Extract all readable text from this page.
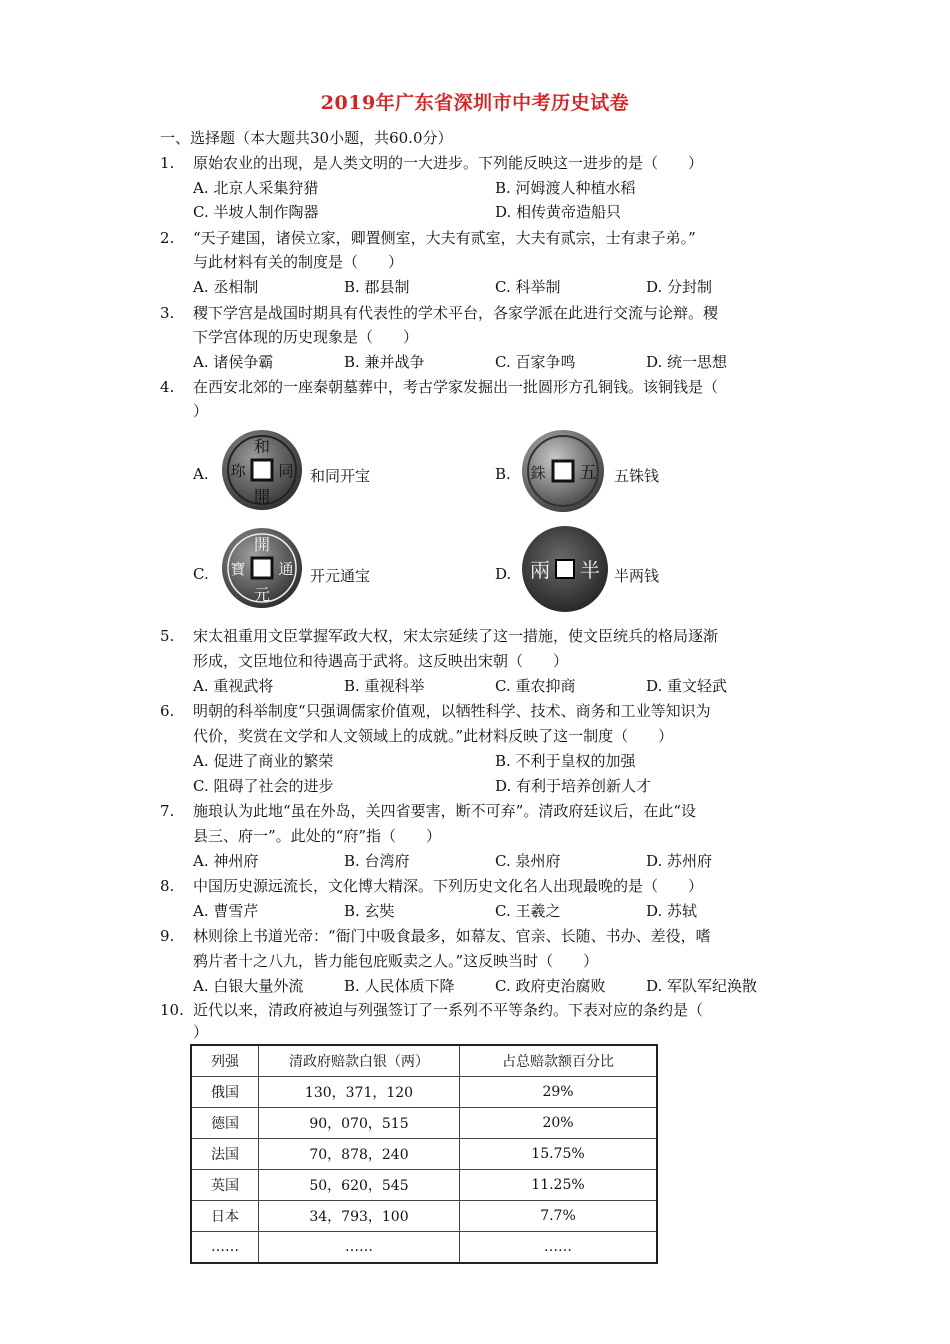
2019年广东省深圳市中考历史试卷
一、选择题（本大题共30小题，共60.0分）
1. 原始农业的出现，是人类文明的一大进步。下列能反映这一进步的是（　　）
A. 北京人采集狩猎	B. 河姆渡人种植水稻
C. 半坡人制作陶器	D. 相传黄帝造船只
2. “天子建国，诸侯立家，卿置侧室，大夫有贰室，大夫有贰宗，士有隶子弟。”
与此材料有关的制度是（　　）
A. 丞相制	B. 郡县制	C. 科举制	D. 分封制
3. 稷下学宫是战国时期具有代表性的学术平台，各家学派在此进行交流与论辩。稷
下学宫体现的历史现象是（　　）
A. 诸侯争霸	B. 兼并战争	C. 百家争鸣	D. 统一思想
4. 在西安北郊的一座秦朝墓葬中，考古学家发掘出一批圆形方孔铜钱。该铜钱是（
）
A.
和
開
同
珎	和同开宝	B.	五
銖	五铢钱
C.
開
元
通
寶	开元通宝	D. 兩 半 半两钱
5. 宋太祖重用文臣掌握军政大权，宋太宗延续了这一措施，使文臣统兵的格局逐渐
形成，文臣地位和待遇高于武将。这反映出宋朝（　　）
A. 重视武将	B. 重视科举	C. 重农抑商	D. 重文轻武
6. 明朝的科举制度“只强调儒家价值观，以牺牲科学、技术、商务和工业等知识为
代价，奖赏在文学和人文领域上的成就。”此材料反映了这一制度（　　）
A. 促进了商业的繁荣	B. 不利于皇权的加强
C. 阻碍了社会的进步	D. 有利于培养创新人才
7. 施琅认为此地“虽在外岛，关四省要害，断不可弃”。清政府廷议后，在此“设
县三、府一”。此处的“府”指（　　）
A. 神州府	B. 台湾府	C. 泉州府	D. 苏州府
8. 中国历史源远流长，文化博大精深。下列历史文化名人出现最晚的是（　　）
A. 曹雪芹	B. 玄奘	C. 王羲之	D. 苏轼
9. 林则徐上书道光帝：“衙门中吸食最多，如幕友、官亲、长随、书办、差役，嗜
鸦片者十之八九，皆力能包庇贩卖之人。”这反映当时（　　）
A. 白银大量外流	B. 人民体质下降	C. 政府吏治腐败	D. 军队军纪涣散
10. 近代以来，清政府被迫与列强签订了一系列不平等条约。下表对应的条约是（
）
列强	清政府赔款白银（两）	占总赔款额百分比
俄国	130，371，120	29%
德国	90，070，515	20%
法国	70，878，240	15.75%
英国	50，620，545	11.25%
日本	34，793，100	7.7%
……	……	……
